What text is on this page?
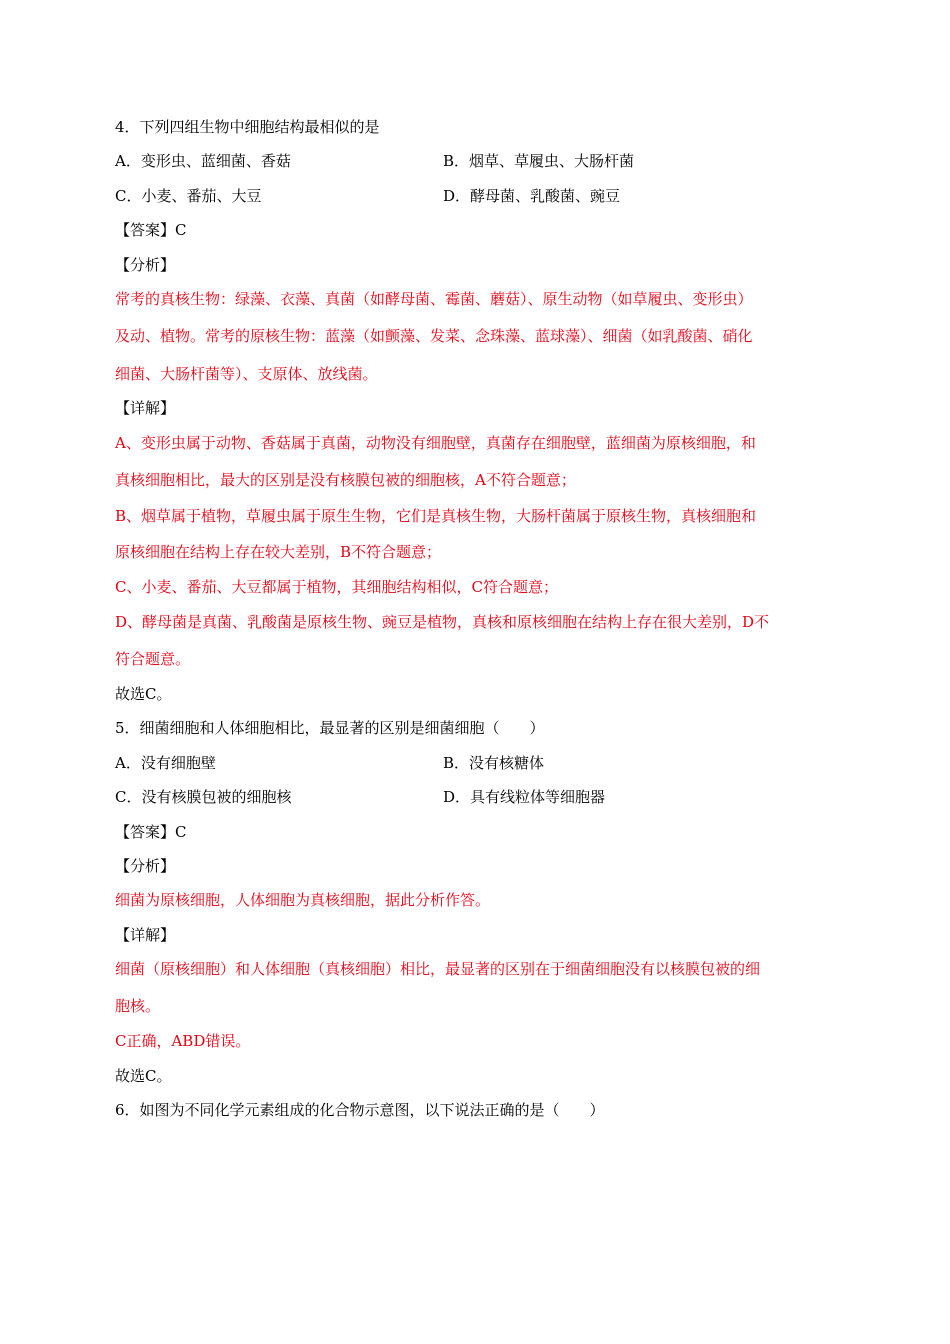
4．下列四组生物中细胞结构最相似的是
A．变形虫、蓝细菌、香菇	B．烟草、草履虫、大肠杆菌
C．小麦、番茄、大豆	D．酵母菌、乳酸菌、豌豆
【答案】C
【分析】
常考的真核生物：绿藻、衣藻、真菌（如酵母菌、霉菌、蘑菇）、原生动物（如草履虫、变形虫）
及动、植物。常考的原核生物：蓝藻（如颤藻、发菜、念珠藻、蓝球藻）、细菌（如乳酸菌、硝化
细菌、大肠杆菌等）、支原体、放线菌。
【详解】
A、变形虫属于动物、香菇属于真菌，动物没有细胞壁，真菌存在细胞壁，蓝细菌为原核细胞，和
真核细胞相比，最大的区别是没有核膜包被的细胞核，A不符合题意；
B、烟草属于植物，草履虫属于原生生物，它们是真核生物，大肠杆菌属于原核生物，真核细胞和
原核细胞在结构上存在较大差别，B不符合题意；
C、小麦、番茄、大豆都属于植物，其细胞结构相似，C符合题意；
D、酵母菌是真菌、乳酸菌是原核生物、豌豆是植物，真核和原核细胞在结构上存在很大差别，D不
符合题意。
故选C。
5．细菌细胞和人体细胞相比，最显著的区别是细菌细胞（　　）
A．没有细胞壁	B．没有核糖体
C．没有核膜包被的细胞核	D．具有线粒体等细胞器
【答案】C
【分析】
细菌为原核细胞，人体细胞为真核细胞，据此分析作答。
【详解】
细菌（原核细胞）和人体细胞（真核细胞）相比，最显著的区别在于细菌细胞没有以核膜包被的细
胞核。
C正确，ABD错误。
故选C。
6．如图为不同化学元素组成的化合物示意图，以下说法正确的是（　　）
